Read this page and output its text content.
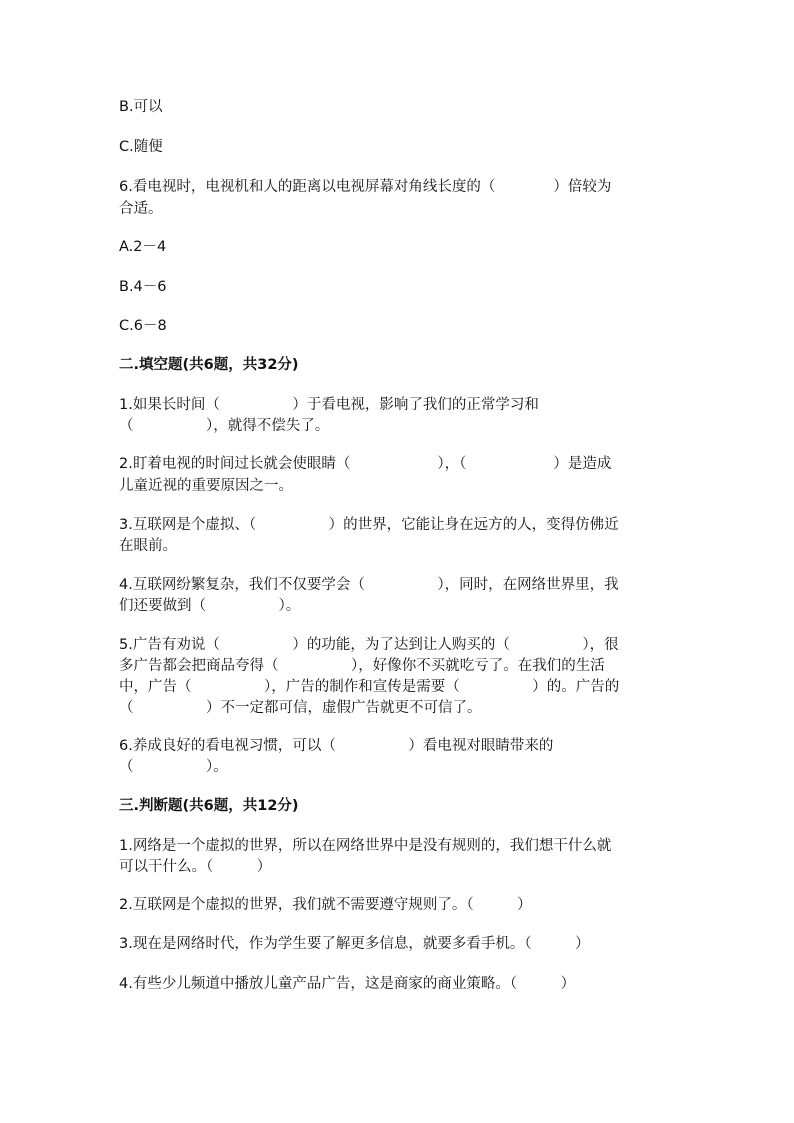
B.可以

C.随便

6.看电视时，电视机和人的距离以电视屏幕对角线长度的（　　　　）倍较为

合适。

A.2－4

B.4－6

C.6－8

二.填空题(共6题，共32分)

1.如果长时间（　　　　　）于看电视，影响了我们的正常学习和

（　　　　　），就得不偿失了。

2.盯着电视的时间过长就会使眼睛（　　　　　　），（　　　　　　）是造成

儿童近视的重要原因之一。

3.互联网是个虚拟、（　　　　　）的世界，它能让身在远方的人，变得仿佛近

在眼前。

4.互联网纷繁复杂，我们不仅要学会（　　　　　），同时，在网络世界里，我

们还要做到（　　　　　）。

5.广告有劝说（　　　　　）的功能，为了达到让人购买的（　　　　　），很

多广告都会把商品夸得（　　　　　），好像你不买就吃亏了。在我们的生活

中，广告（　　　　　），广告的制作和宣传是需要（　　　　　）的。广告的

（　　　　　）不一定都可信，虚假广告就更不可信了。

6.养成良好的看电视习惯，可以（　　　　　）看电视对眼睛带来的

（　　　　　）。

三.判断题(共6题，共12分)

1.网络是一个虚拟的世界，所以在网络世界中是没有规则的，我们想干什么就

可以干什么。（　　　）

2.互联网是个虚拟的世界，我们就不需要遵守规则了。（　　　）

3.现在是网络时代，作为学生要了解更多信息，就要多看手机。（　　　）

4.有些少儿频道中播放儿童产品广告，这是商家的商业策略。（　　　）
